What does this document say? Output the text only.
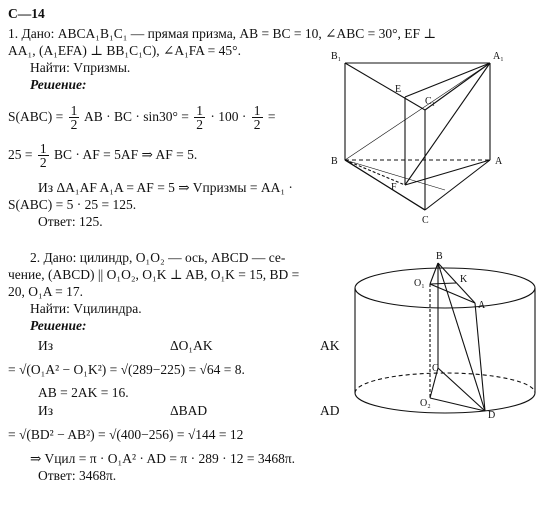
С—14
1. Дано: ABCA₁B₁C₁ — прямая призма, AB = BC = 10, ∠ABC = 30°, EF ⊥
AA₁, (A₁EFA) ⊥ BB₁C₁C), ∠A₁FA = 45°.
Найти: Vпризмы.
Решение:
$S(ABC) = \frac{1}{2}$ AB · BC · $\sin 30^\circ = \frac{1}{2} \cdot 100 \cdot \frac{1}{2}$ =
$25 = \frac{1}{2}$ BC · AF = 5AF ⇒ AF = 5.
Из ΔA₁AF A₁A = AF = 5 ⇒ Vпризмы = AA₁ ·
S(ABC) = 5 · 25 = 125.
Ответ: 125.
B₁	A₁
E
C₁
B	A
F
C
2. Дано: цилиндр, O₁O₂ — ось, ABCD — се-
чение, (ABCD) || O₁O₂, O₁K ⊥ AB, O₁K = 15, BD =
20, O₁A = 17.
Найти: Vцилиндра.
Решение:
Из	ΔO₁AK	AK
= √(O₁A² − O₁K²) = √(289−225) = √64 = 8.
AB = 2AK = 16.
Из	ΔBAD	AD
= √(BD² − AB²) = √(400−256) = √144 = 12
⇒ Vцил = π · O₁A² · AD = π · 289 · 12 = 3468π.
Ответ: 3468π.
B
K
O₁
A
C
O₂
D
